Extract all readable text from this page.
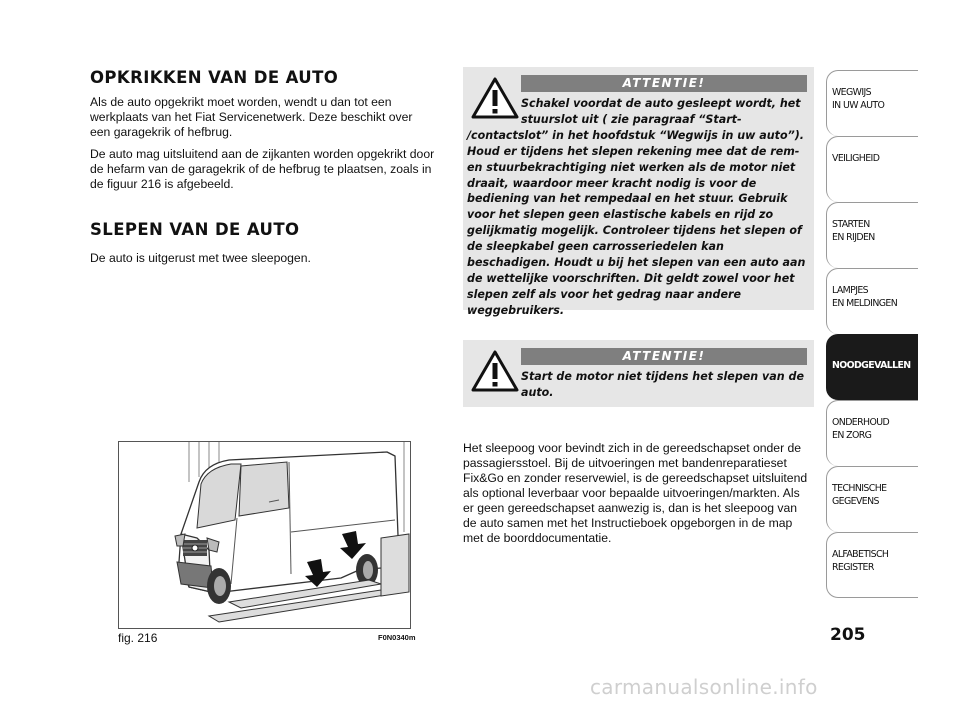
OPKRIKKEN VAN DE AUTO

Als de auto opgekrikt moet worden, wendt u dan tot een werkplaats van het Fiat Servicenetwerk. Deze beschikt over een garagekrik of hefbrug.

De auto mag uitsluitend aan de zijkanten worden opgekrikt door de hefarm van de garagekrik of de hefbrug te plaatsen, zoals in de figuur 216 is afgebeeld.

SLEPEN VAN DE AUTO

De auto is uitgerust met twee sleepogen.

ATTENTIE!
Schakel voordat de auto gesleept wordt, het stuurslot uit ( zie paragraaf “Start-
/contactslot” in het hoofdstuk “Wegwijs in uw auto”). Houd er tijdens het slepen rekening mee dat de rem- en stuurbekrachtiging niet werken als de motor niet draait, waardoor meer kracht nodig is voor de bediening van het rempedaal en het stuur. Gebruik voor het slepen geen elastische kabels en rijd zo gelijkmatig mogelijk. Controleer tijdens het slepen of de sleepkabel geen carrosseriedelen kan beschadigen. Houdt u bij het slepen van een auto aan de wettelijke voorschriften. Dit geldt zowel voor het slepen zelf als voor het gedrag naar andere weggebruikers.
ATTENTIE!
Start de motor niet tijdens het slepen van de auto.

Het sleepoog voor bevindt zich in de gereedschapset onder de passagiersstoel. Bij de uitvoeringen met bandenreparatieset Fix&Go en zonder reservewiel, is de gereedschapset uitsluitend als optional leverbaar voor bepaalde uitvoeringen/markten. Als er geen gereedschapset aanwezig is, dan is het sleepoog van de auto samen met het Instructieboek opgeborgen in de map met de boorddocumentatie.

fig. 216	F0N0340m
WEGWIJS
IN UW AUTO
VEILIGHEID
STARTEN
EN RIJDEN
LAMPJES
EN MELDINGEN
NOODGEVALLEN
ONDERHOUD
EN ZORG
TECHNISCHE
GEGEVENS
ALFABETISCH
REGISTER
205
carmanualsonline.info
